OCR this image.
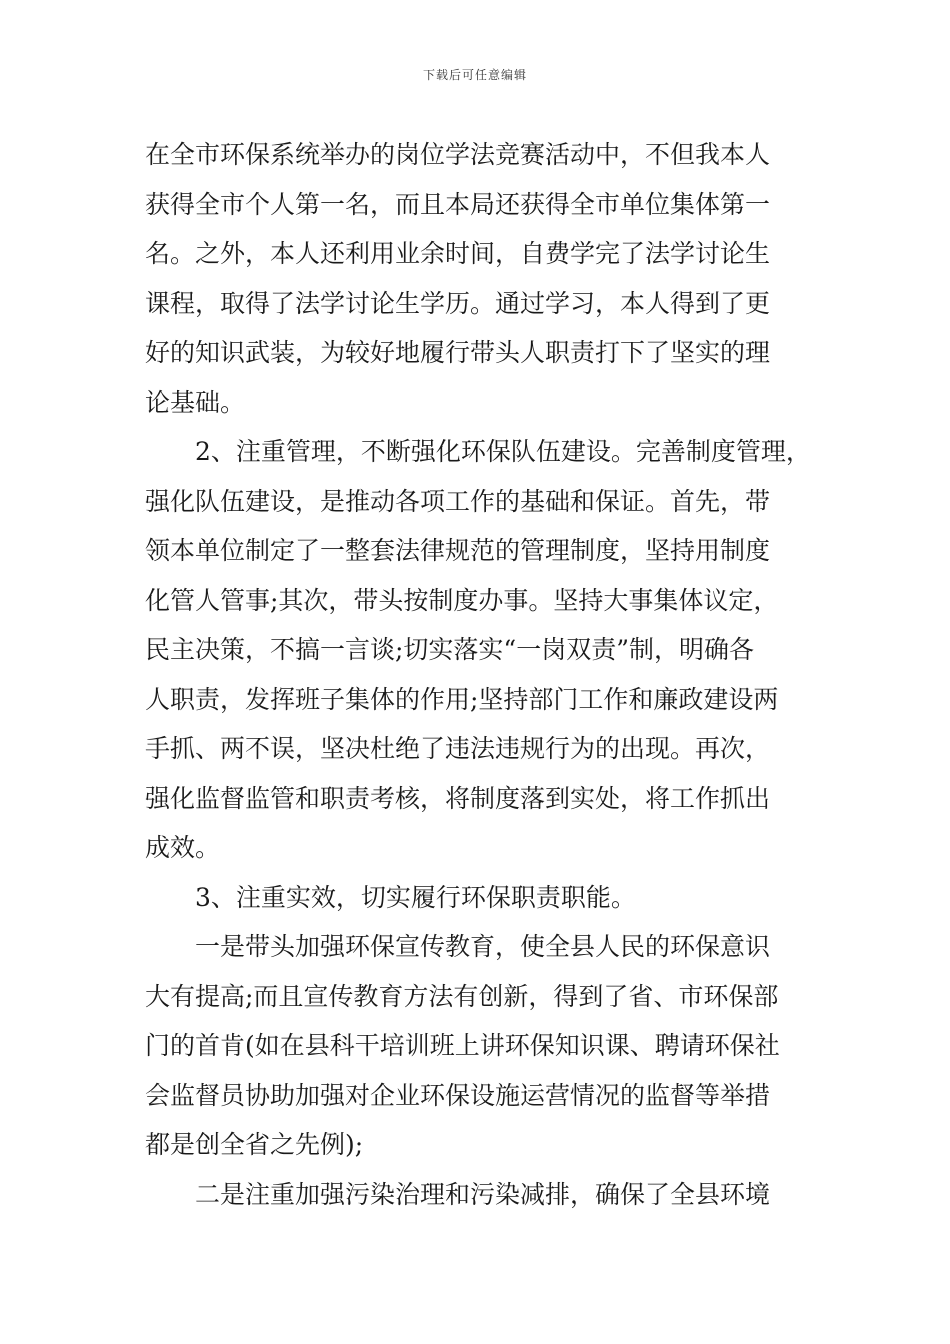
下载后可任意编辑
在全市环保系统举办的岗位学法竞赛活动中，不但我本人
获得全市个人第一名，而且本局还获得全市单位集体第一
名。之外，本人还利用业余时间，自费学完了法学讨论生
课程，取得了法学讨论生学历。通过学习，本人得到了更
好的知识武装，为较好地履行带头人职责打下了坚实的理
论基础。
2、注重管理，不断强化环保队伍建设。完善制度管理，
强化队伍建设，是推动各项工作的基础和保证。首先，带
领本单位制定了一整套法律规范的管理制度，坚持用制度
化管人管事;其次，带头按制度办事。坚持大事集体议定，
民主决策，不搞一言谈;切实落实“一岗双责”制，明确各
人职责，发挥班子集体的作用;坚持部门工作和廉政建设两
手抓、两不误，坚决杜绝了违法违规行为的出现。再次，
强化监督监管和职责考核，将制度落到实处，将工作抓出
成效。
3、注重实效，切实履行环保职责职能。
一是带头加强环保宣传教育，使全县人民的环保意识
大有提高;而且宣传教育方法有创新，得到了省、市环保部
门的首肯(如在县科干培训班上讲环保知识课、聘请环保社
会监督员协助加强对企业环保设施运营情况的监督等举措
都是创全省之先例);
二是注重加强污染治理和污染减排，确保了全县环境
